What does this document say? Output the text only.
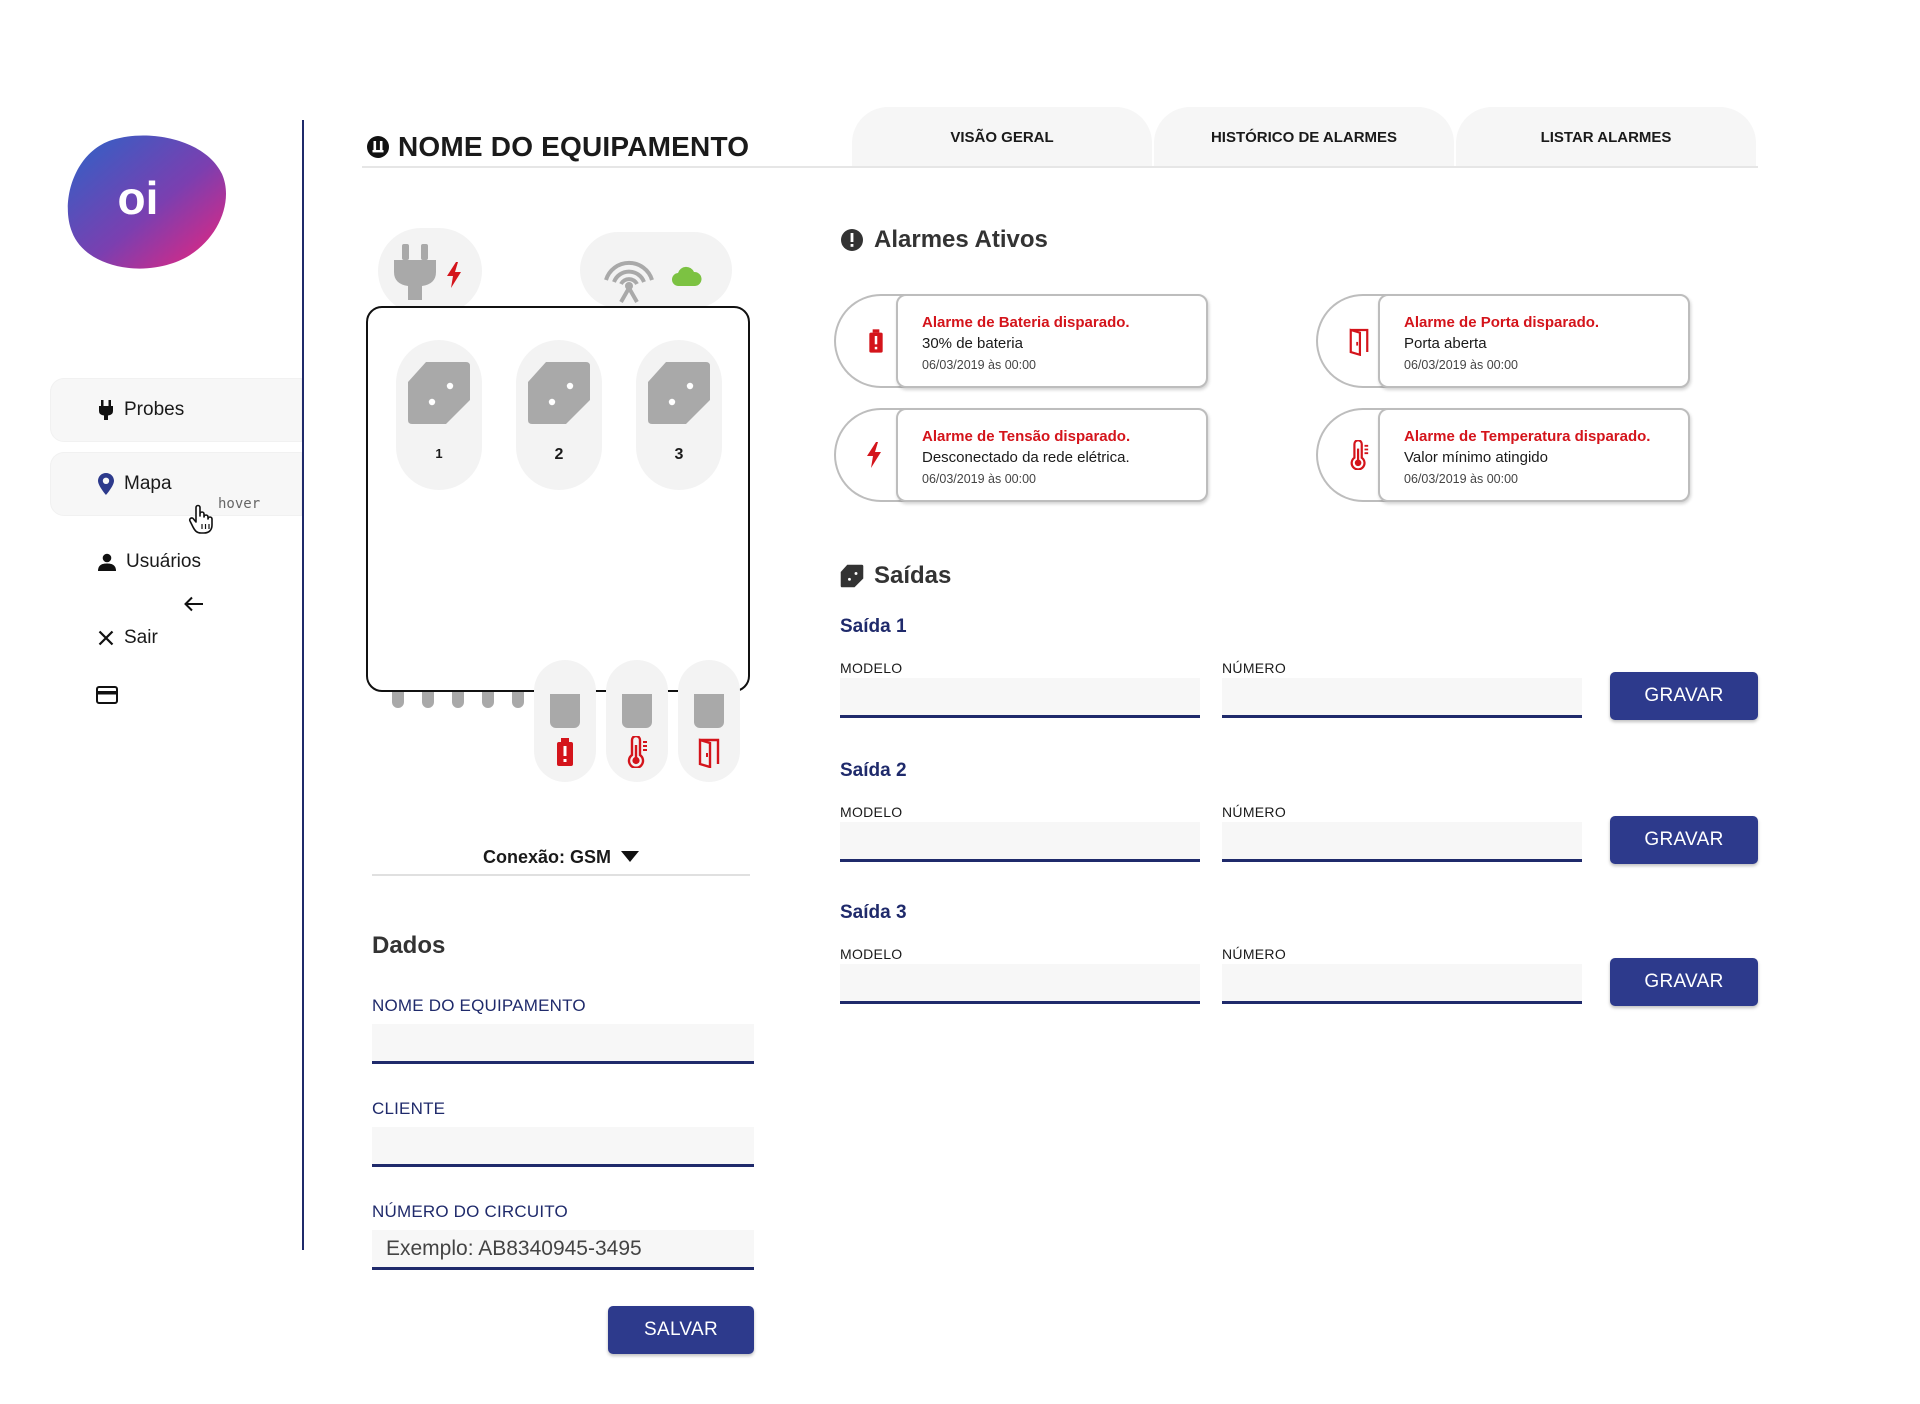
oi
Probes
Mapa
hover
Usuários
Sair
NOME DO EQUIPAMENTO	VISÃO GERAL	HISTÓRICO DE ALARMES	LISTAR ALARMES
1	2	3
Conexão: GSM
Dados
NOME DO EQUIPAMENTO
CLIENTE
NÚMERO DO CIRCUITO
Exemplo: AB8340945-3495
SALVAR
Alarmes Ativos
Alarme de Bateria disparado.
30% de bateria
06/03/2019 às 00:00
Alarme de Porta disparado.
Porta aberta
06/03/2019 às 00:00
Alarme de Tensão disparado.
Desconectado da rede elétrica.
06/03/2019 às 00:00
Alarme de Temperatura disparado.
Valor mínimo atingido
06/03/2019 às 00:00
Saídas
Saída 1
MODELO	NÚMERO
GRAVAR
Saída 2
MODELO	NÚMERO
GRAVAR
Saída 3
MODELO	NÚMERO
GRAVAR
